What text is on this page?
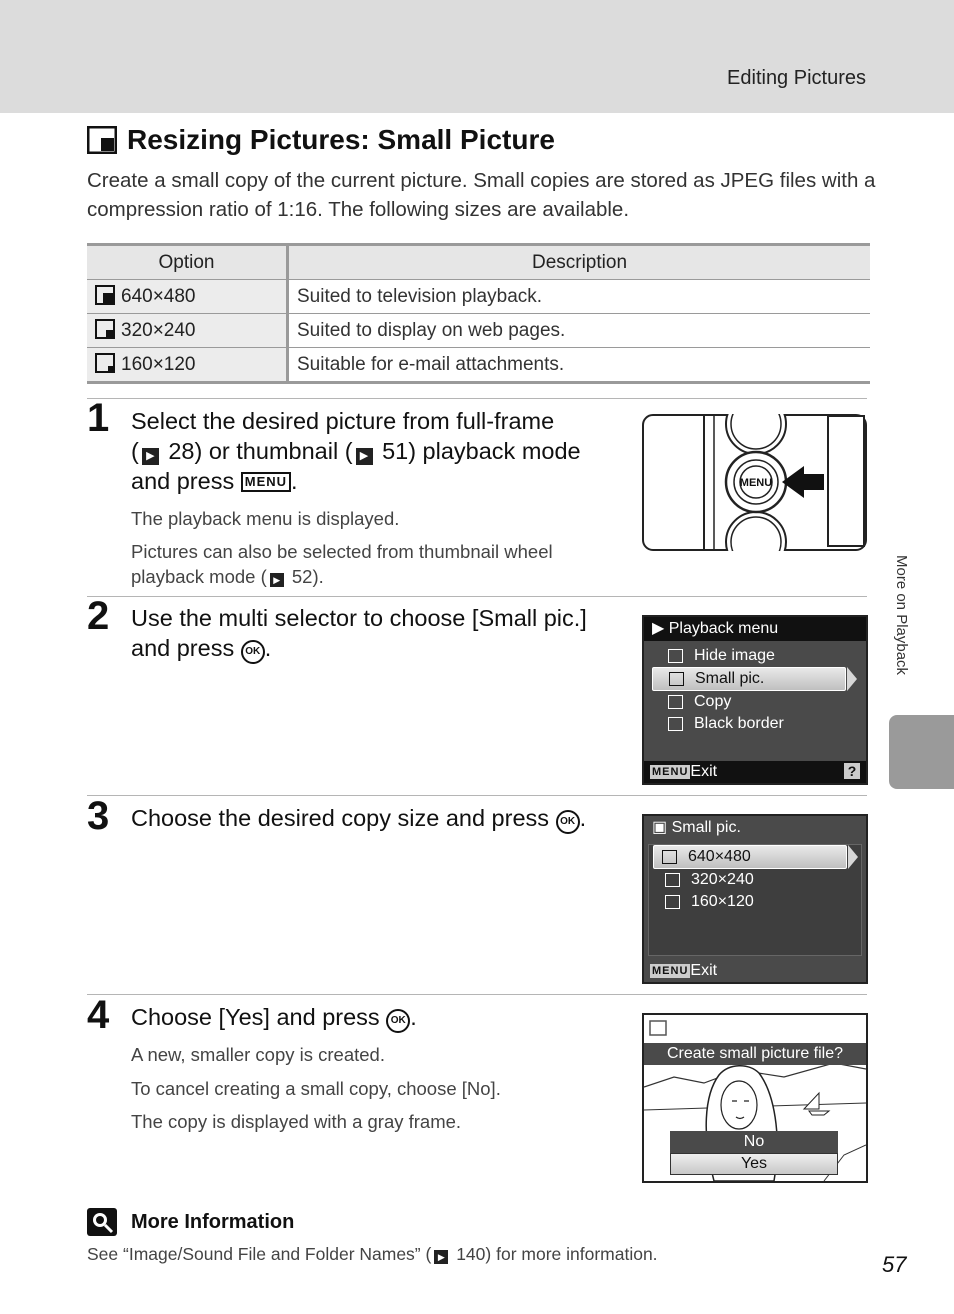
Editing Pictures
Resizing Pictures: Small Picture
Create a small copy of the current picture. Small copies are stored as JPEG files with a compression ratio of 1:16. The following sizes are available.
Option	Description
640×480	Suited to television playback.
320×240	Suited to display on web pages.
160×120	Suitable for e-mail attachments.
1 Select the desired picture from full-frame
( ▶ 28) or thumbnail ( ▶ 51) playback mode
and press MENU .
The playback menu is displayed.
Pictures can also be selected from thumbnail wheel
playback mode ( ▶ 52).
MENU
2 Use the multi selector to choose [Small pic.]
and press OK .
▶ Playback menu
Hide image
Small pic.
Copy
Black border
MENU Exit	?
3 Choose the desired copy size and press OK .	▣ Small pic.
640×480
320×240
160×120
MENU Exit
4 Choose [Yes] and press OK .
A new, smaller copy is created.
To cancel creating a small copy, choose [No].
The copy is displayed with a gray frame.
Create small picture file?
No
Yes
More Information
See “Image/Sound File and Folder Names” ( ▶ 140) for more information.
More on Playback
57
